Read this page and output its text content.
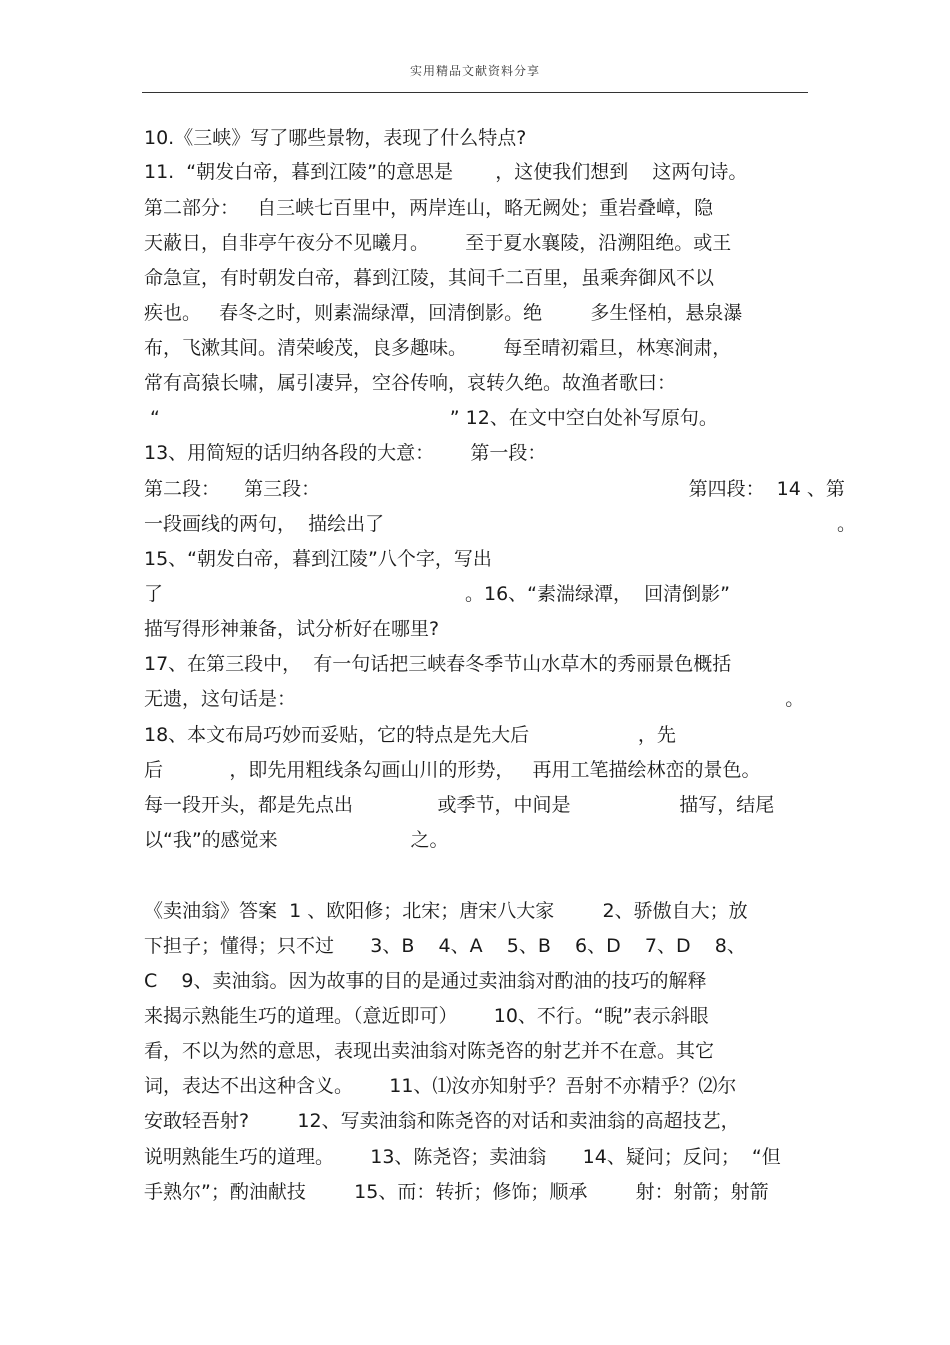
实用精品文献资料分享
10.《三峡》写了哪些景物，表现了什么特点?
11.  “朝发白帝，暮到江陵”的意思是       ，这使我们想到    这两句诗。
第二部分：   自三峡七百里中，两岸连山，略无阙处；重岩叠嶂，隐
天蔽日，自非亭午夜分不见曦月。      至于夏水襄陵，沿溯阻绝。或王
命急宣，有时朝发白帝，暮到江陵，其间千二百里，虽乘奔御风不以
疾也。   春冬之时，则素湍绿潭，回清倒影。绝        多生怪柏，悬泉瀑
布，飞漱其间。清荣峻茂，良多趣味。      每至晴初霜旦，林寒涧肃，
常有高猿长啸，属引凄异，空谷传响，哀转久绝。故渔者歌曰：
“                                                ” 12、在文中空白处补写原句。
13、用简短的话归纳各段的大意：      第一段：
第二段：    第三段：                                                             第四段：  14 、第
一段画线的两句，  描绘出了                                                                           。
15、“朝发白帝，暮到江陵”八个字，写出
了                                                  。16、“素湍绿潭，  回清倒影”
描写得形神兼备，试分析好在哪里?
17、在第三段中，  有一句话把三峡春冬季节山水草木的秀丽景色概括
无遗，这句话是：                                                                                 。
18、本文布局巧妙而妥贴，它的特点是先大后                  ，先
后           ，即先用粗线条勾画山川的形势，   再用工笔描绘林峦的景色。
每一段开头，都是先点出              或季节，中间是                  描写，结尾
以“我”的感觉来                      之。
《卖油翁》答案  1 、欧阳修；北宋；唐宋八大家        2、骄傲自大；放
下担子；懂得；只不过      3、B    4、A    5、B    6、D    7、D    8、
C    9、卖油翁。因为故事的目的是通过卖油翁对酌油的技巧的解释
来揭示熟能生巧的道理。（意近即可）      10、不行。“睨”表示斜眼
看，不以为然的意思，表现出卖油翁对陈尧咨的射艺并不在意。其它
词，表达不出这种含义。      11、⑴汝亦知射乎？吾射不亦精乎？⑵尔
安敢轻吾射?        12、写卖油翁和陈尧咨的对话和卖油翁的高超技艺，
说明熟能生巧的道理。      13、陈尧咨；卖油翁      14、疑问；反问；  “但
手熟尔”；酌油献技        15、而：转折；修饰；顺承        射：射箭；射箭
